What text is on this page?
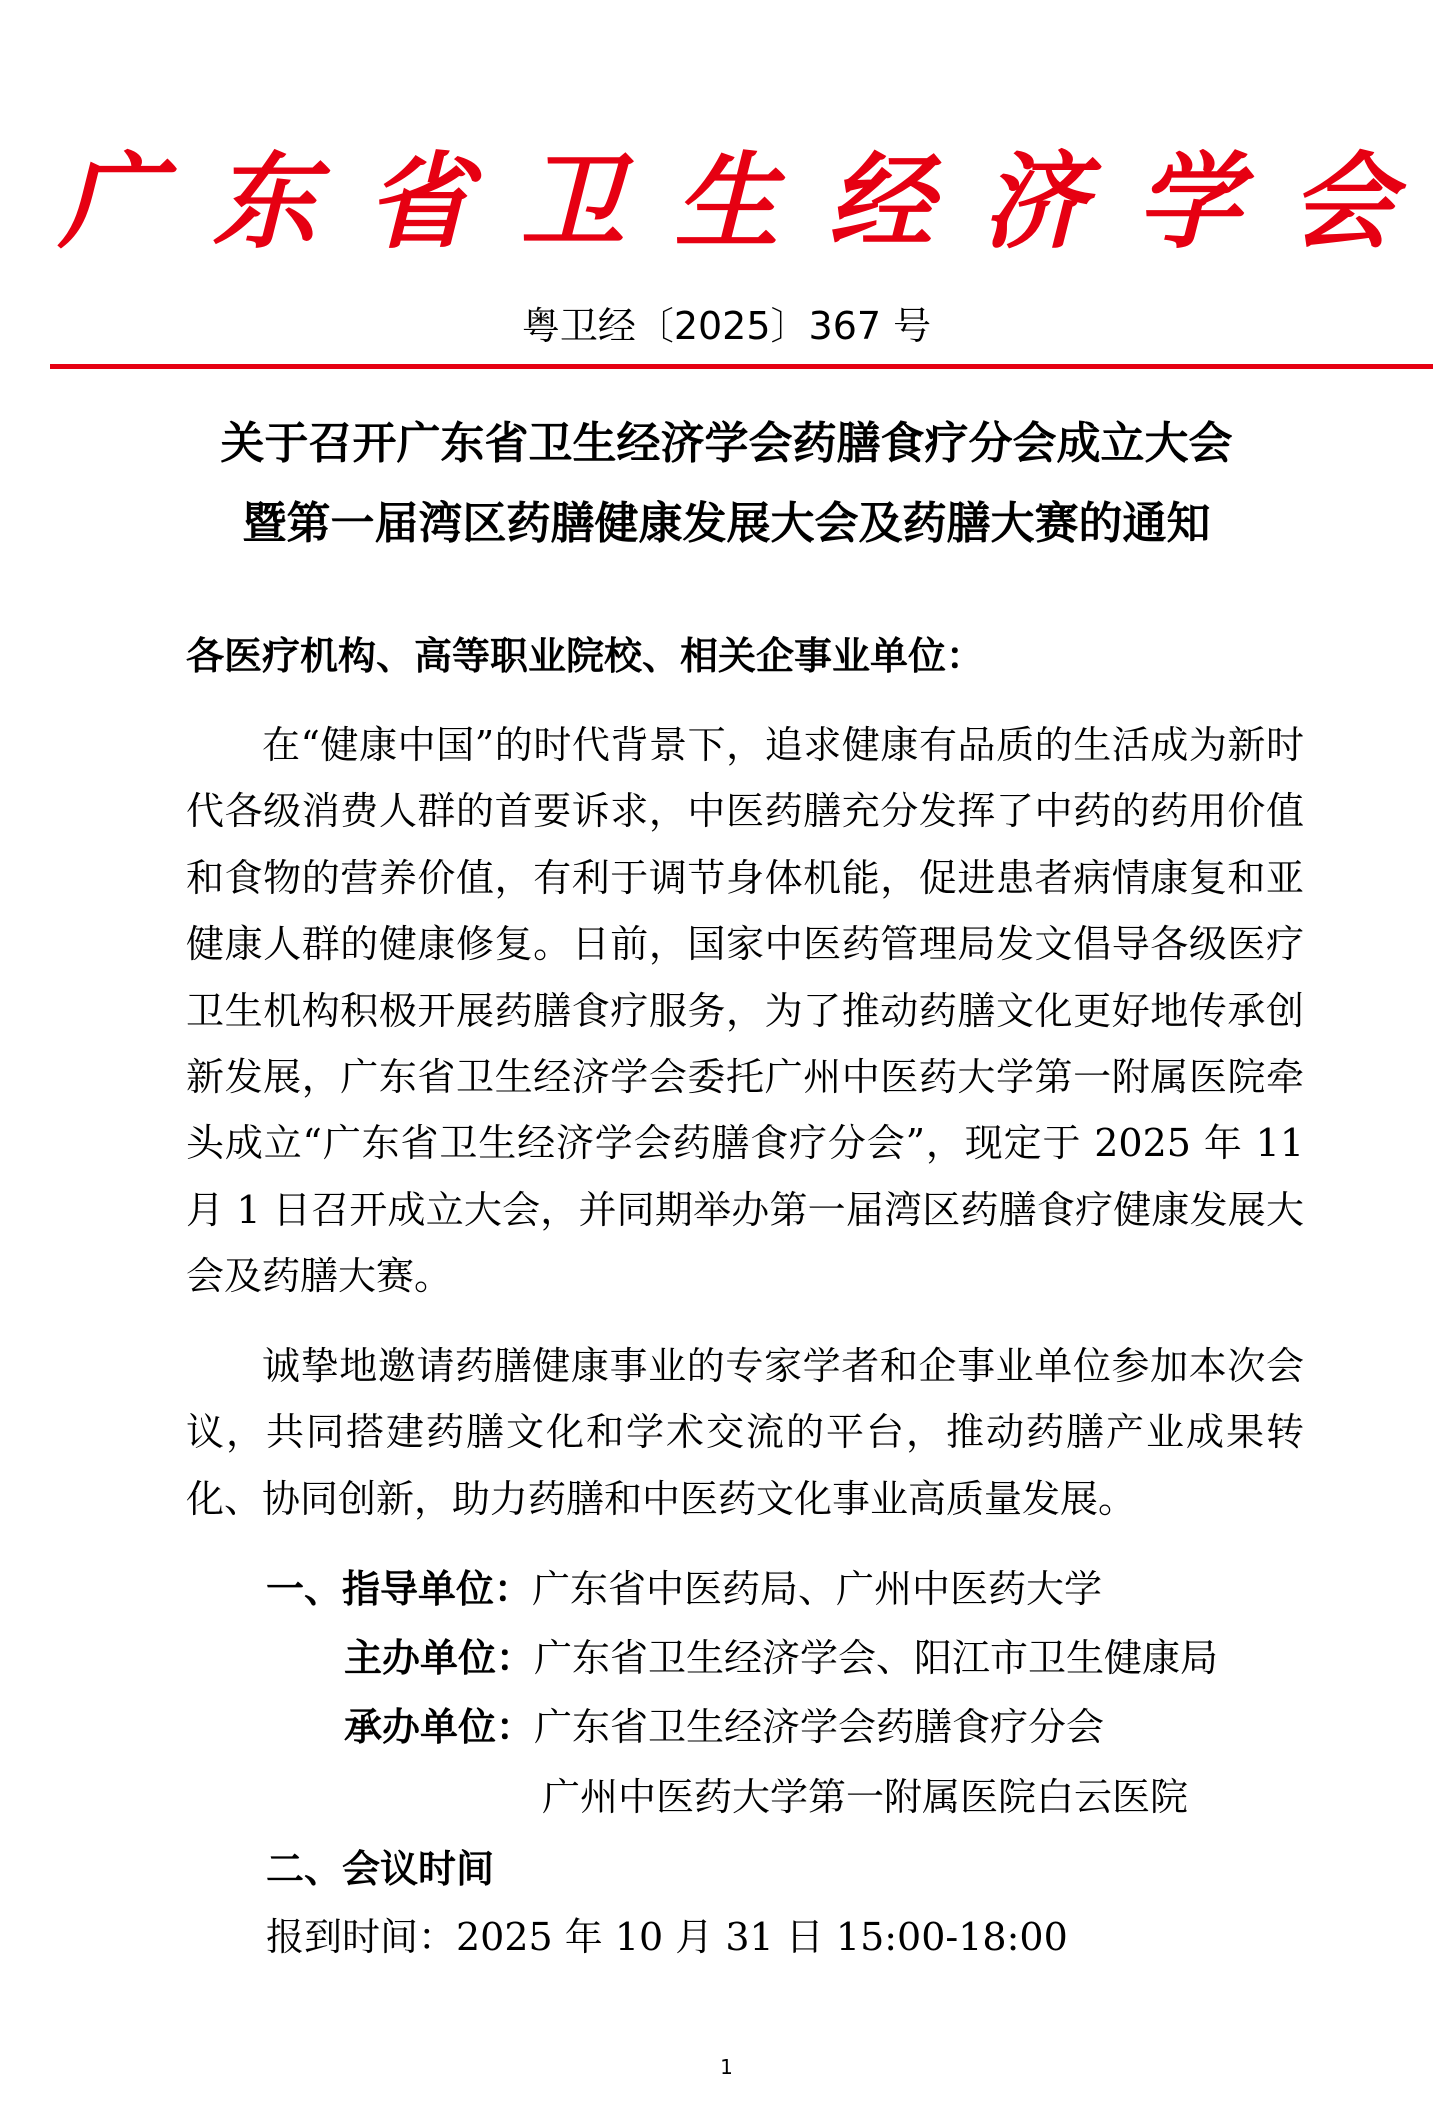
广东省卫生经济学会
粤卫经〔2025〕367 号
关于召开广东省卫生经济学会药膳食疗分会成立大会
暨第一届湾区药膳健康发展大会及药膳大赛的通知
各医疗机构、高等职业院校、相关企事业单位：

在“健康中国”的时代背景下，追求健康有品质的生活成为新时代各级消费人群的首要诉求，中医药膳充分发挥了中药的药用价值和食物的营养价值，有利于调节身体机能，促进患者病情康复和亚健康人群的健康修复。日前，国家中医药管理局发文倡导各级医疗卫生机构积极开展药膳食疗服务，为了推动药膳文化更好地传承创新发展，广东省卫生经济学会委托广州中医药大学第一附属医院牵头成立“广东省卫生经济学会药膳食疗分会”，现定于 2025 年 11 月 1 日召开成立大会，并同期举办第一届湾区药膳食疗健康发展大会及药膳大赛。

诚挚地邀请药膳健康事业的专家学者和企事业单位参加本次会议，共同搭建药膳文化和学术交流的平台，推动药膳产业成果转化、协同创新，助力药膳和中医药文化事业高质量发展。

一、指导单位：广东省中医药局、广州中医药大学
主办单位：广东省卫生经济学会、阳江市卫生健康局
承办单位：广东省卫生经济学会药膳食疗分会
广州中医药大学第一附属医院白云医院
二、会议时间
报到时间：2025 年 10 月 31 日 15:00-18:00
1
